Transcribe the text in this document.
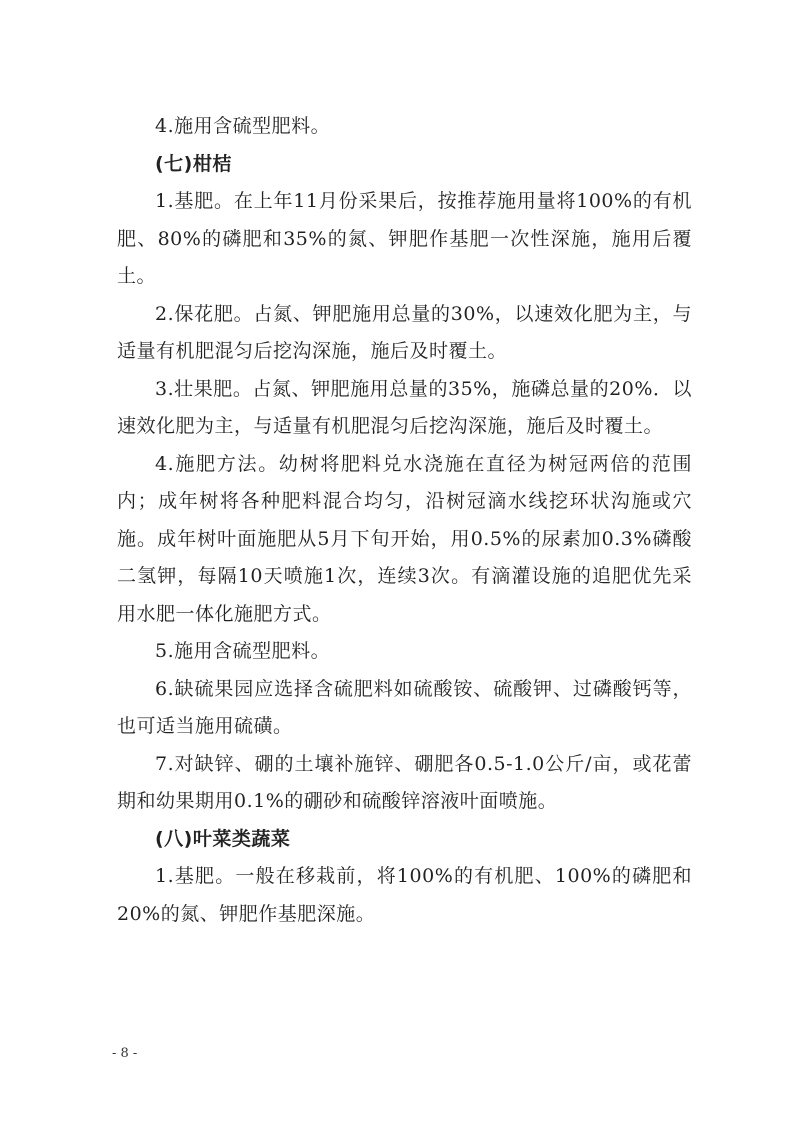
4.施用含硫型肥料。

(七)柑桔

1.基肥。在上年11月份采果后，按推荐施用量将100%的有机肥、80%的磷肥和35%的氮、钾肥作基肥一次性深施，施用后覆土。

2.保花肥。占氮、钾肥施用总量的30%，以速效化肥为主，与适量有机肥混匀后挖沟深施，施后及时覆土。

3.壮果肥。占氮、钾肥施用总量的35%，施磷总量的20%．以速效化肥为主，与适量有机肥混匀后挖沟深施，施后及时覆土。

4.施肥方法。幼树将肥料兑水浇施在直径为树冠两倍的范围内；成年树将各种肥料混合均匀，沿树冠滴水线挖环状沟施或穴施。成年树叶面施肥从5月下旬开始，用0.5%的尿素加0.3%磷酸二氢钾，每隔10天喷施1次，连续3次。有滴灌设施的追肥优先采用水肥一体化施肥方式。

5.施用含硫型肥料。

6.缺硫果园应选择含硫肥料如硫酸铵、硫酸钾、过磷酸钙等，也可适当施用硫磺。

7.对缺锌、硼的土壤补施锌、硼肥各0.5-1.0公斤/亩，或花蕾期和幼果期用0.1%的硼砂和硫酸锌溶液叶面喷施。

(八)叶菜类蔬菜

1.基肥。一般在移栽前，将100%的有机肥、100%的磷肥和20%的氮、钾肥作基肥深施。

- 8 -
